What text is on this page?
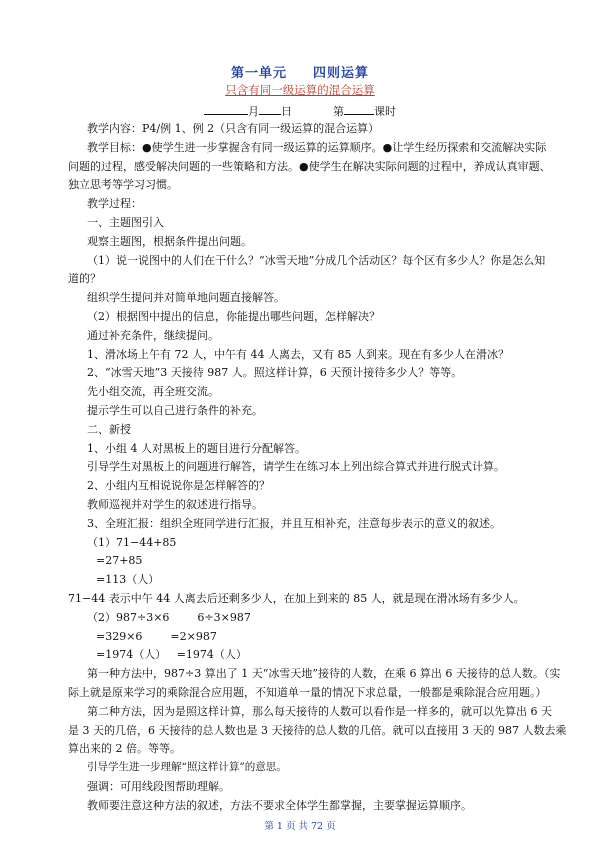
第一单元 四则运算
只含有同一级运算的混合运算
月 日	第	课时
教学内容：P4/例 1、例 2（只含有同一级运算的混合运算）
教学目标：●使学生进一步掌握含有同一级运算的运算顺序。●让学生经历探索和交流解决实际
问题的过程，感受解决问题的一些策略和方法。●使学生在解决实际问题的过程中，养成认真审题、
独立思考等学习习惯。
教学过程：
一、主题图引入
观察主题图，根据条件提出问题。
（1）说一说图中的人们在干什么？“冰雪天地”分成几个活动区？每个区有多少人？你是怎么知
道的？
组织学生提问并对简单地问题直接解答。
（2）根据图中提出的信息，你能提出哪些问题，怎样解决？
通过补充条件，继续提问。
1、滑冰场上午有 72 人，中午有 44 人离去，又有 85 人到来。现在有多少人在滑冰？
2、“冰雪天地”3 天接待 987 人。照这样计算，6 天预计接待多少人？等等。
先小组交流，再全班交流。
提示学生可以自己进行条件的补充。
二、新授
1、小组 4 人对黑板上的题目进行分配解答。
引导学生对黑板上的问题进行解答，请学生在练习本上列出综合算式并进行脱式计算。
2、小组内互相说说你是怎样解答的？
教师巡视并对学生的叙述进行指导。
3、全班汇报：组织全班同学进行汇报，并且互相补充，注意每步表示的意义的叙述。
（1）71−44+85
=27+85
=113（人）
71−44 表示中午 44 人离去后还剩多少人，在加上到来的 85 人，就是现在滑冰场有多少人。
（2）987÷3×6        6÷3×987
=329×6        =2×987
=1974（人）   =1974（人）
第一种方法中，987÷3 算出了 1 天“冰雪天地”接待的人数，在乘 6 算出 6 天接待的总人数。（实
际上就是原来学习的乘除混合应用题，不知道单一量的情况下求总量，一般都是乘除混合应用题。）
第二种方法，因为是照这样计算，那么每天接待的人数可以看作是一样多的，就可以先算出 6 天
是 3 天的几倍，6 天接待的总人数也是 3 天接待的总人数的几倍。就可以直接用 3 天的 987 人数去乘
算出来的 2 倍。等等。
引导学生进一步理解“照这样计算”的意思。
第 1 页 共 72 页
强调：可用线段图帮助理解。
教师要注意这种方法的叙述，方法不要求全体学生都掌握，主要掌握运算顺序。
